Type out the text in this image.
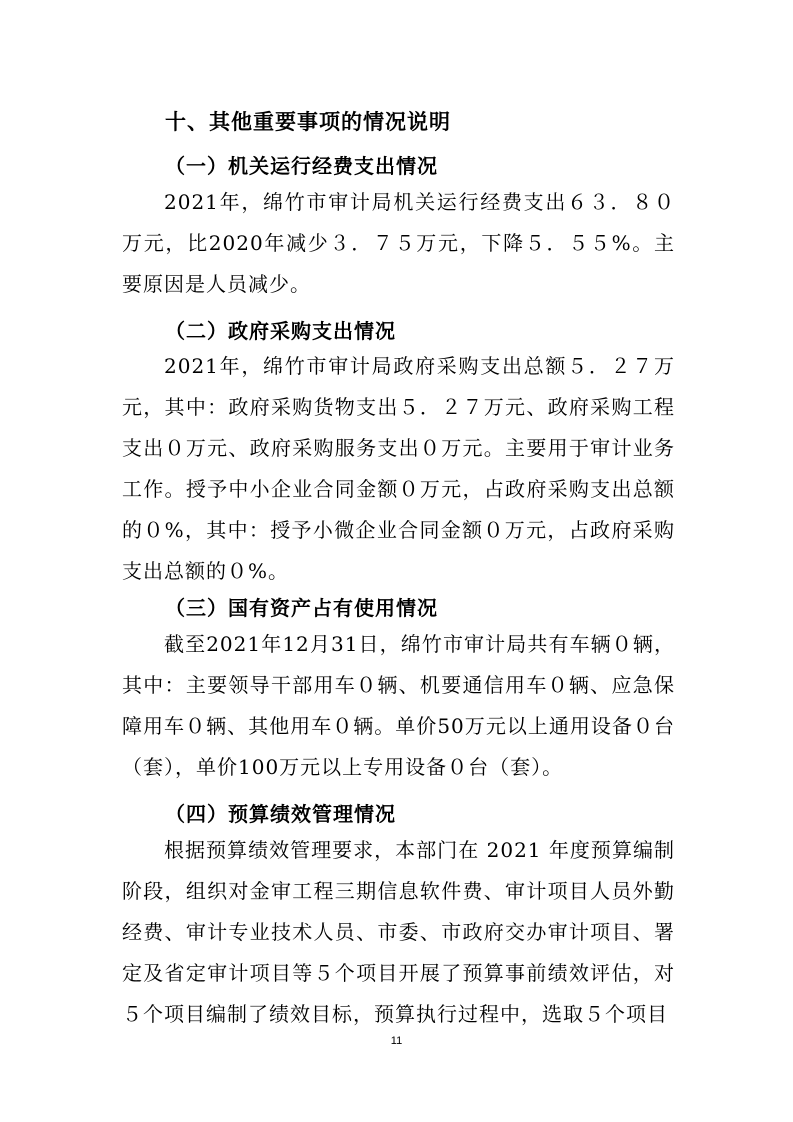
十、其他重要事项的情况说明
（一）机关运行经费支出情况
2021年，绵竹市审计局机关运行经费支出６３．８０万元，比2020年减少３．７５万元，下降５．５５%。主要原因是人员减少。
（二）政府采购支出情况
2021年，绵竹市审计局政府采购支出总额５．２７万元，其中：政府采购货物支出５．２７万元、政府采购工程支出０万元、政府采购服务支出０万元。主要用于审计业务工作。授予中小企业合同金额０万元，占政府采购支出总额的０%，其中：授予小微企业合同金额０万元，占政府采购支出总额的０%。
（三）国有资产占有使用情况
截至2021年12月31日，绵竹市审计局共有车辆０辆，其中：主要领导干部用车０辆、机要通信用车０辆、应急保障用车０辆、其他用车０辆。单价50万元以上通用设备０台（套），单价100万元以上专用设备０台（套）。
（四）预算绩效管理情况
根据预算绩效管理要求，本部门在 2021 年度预算编制阶段，组织对金审工程三期信息软件费、审计项目人员外勤经费、审计专业技术人员、市委、市政府交办审计项目、署定及省定审计项目等５个项目开展了预算事前绩效评估，对５个项目编制了绩效目标，预算执行过程中，选取５个项目
11
